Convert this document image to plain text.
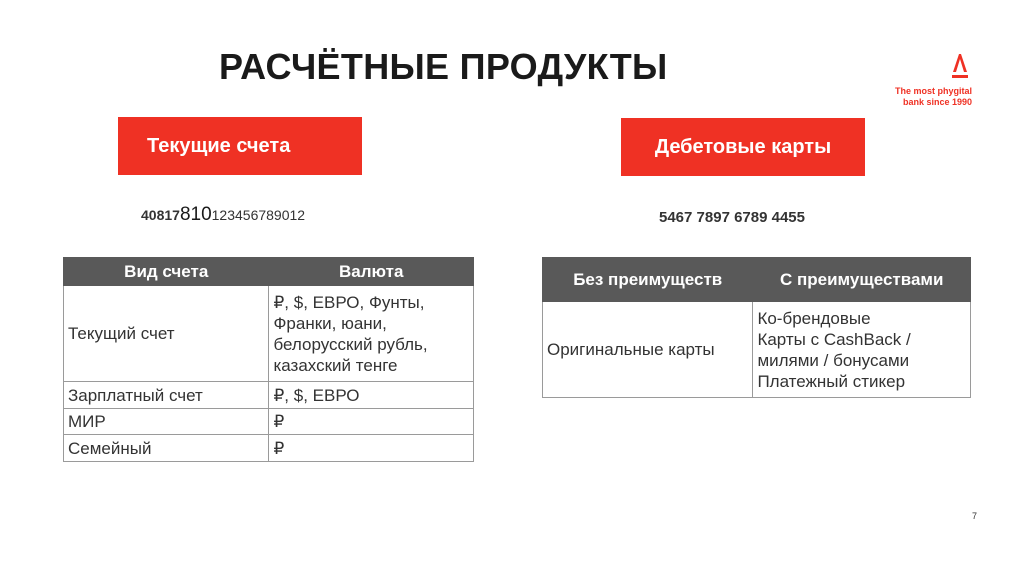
РАСЧЁТНЫЕ ПРОДУКТЫ
The most phygital
bank since 1990
Текущие счета	Дебетовые карты
40817810123456789012	5467 7897 6789 4455
Вид счета	Валюта
Текущий счет	₽, $, ЕВРО, Фунты,
Франки, юани,
белорусский рубль,
казахский тенге

Зарплатный счет	₽, $, ЕВРО
МИР	₽
Семейный	₽
Без преимуществ	С преимуществами
Оригинальные карты	Ко-брендовые
Карты с CashBack /
милями / бонусами
Платежный стикер
7
